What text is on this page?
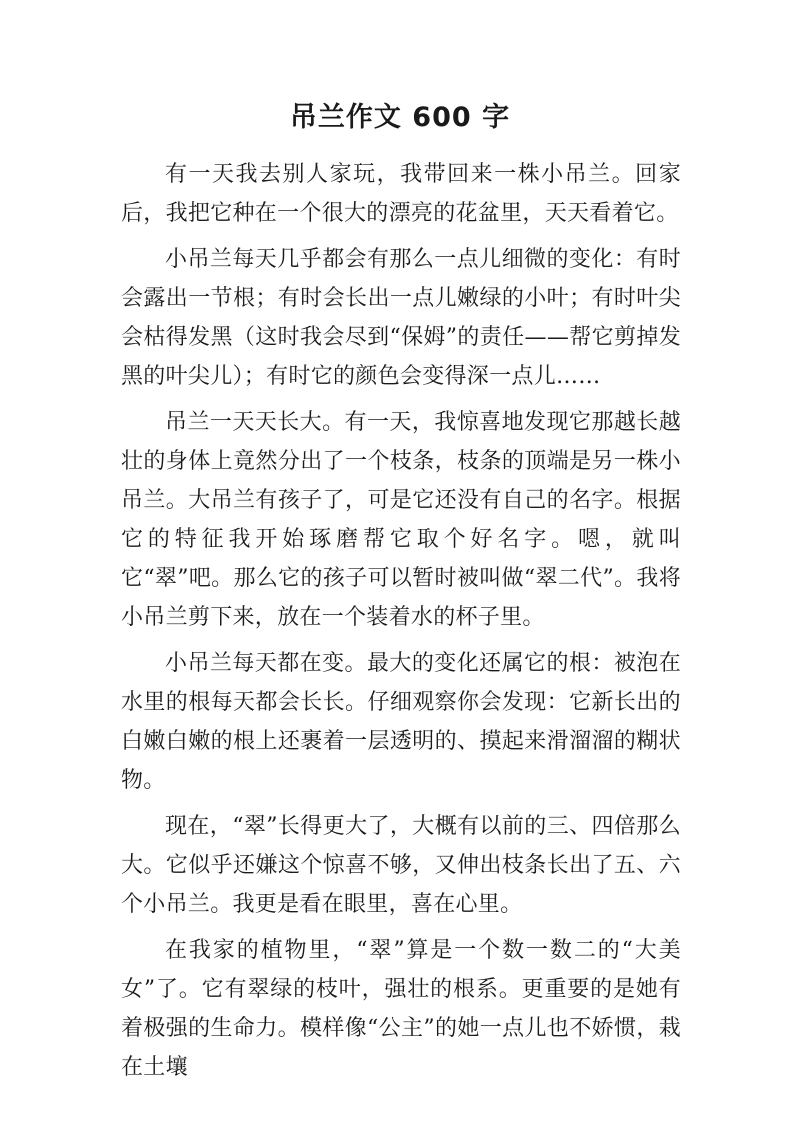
吊兰作文 600 字

有一天我去别人家玩，我带回来一株小吊兰。回家后，我把它种在一个很大的漂亮的花盆里，天天看着它。

小吊兰每天几乎都会有那么一点儿细微的变化：有时会露出一节根；有时会长出一点儿嫩绿的小叶；有时叶尖会枯得发黑（这时我会尽到“保姆”的责任——帮它剪掉发黑的叶尖儿）；有时它的颜色会变得深一点儿……

吊兰一天天长大。有一天，我惊喜地发现它那越长越壮的身体上竟然分出了一个枝条，枝条的顶端是另一株小吊兰。大吊兰有孩子了，可是它还没有自己的名字。根据它的特征我开始琢磨帮它取个好名字。嗯，就叫它“翠”吧。那么它的孩子可以暂时被叫做“翠二代”。我将小吊兰剪下来，放在一个装着水的杯子里。

小吊兰每天都在变。最大的变化还属它的根：被泡在水里的根每天都会长长。仔细观察你会发现：它新长出的白嫩白嫩的根上还裹着一层透明的、摸起来滑溜溜的糊状物。

现在，“翠”长得更大了，大概有以前的三、四倍那么大。它似乎还嫌这个惊喜不够，又伸出枝条长出了五、六个小吊兰。我更是看在眼里，喜在心里。

在我家的植物里，“翠”算是一个数一数二的“大美女”了。它有翠绿的枝叶，强壮的根系。更重要的是她有着极强的生命力。模样像“公主”的她一点儿也不娇惯，栽在土壤
